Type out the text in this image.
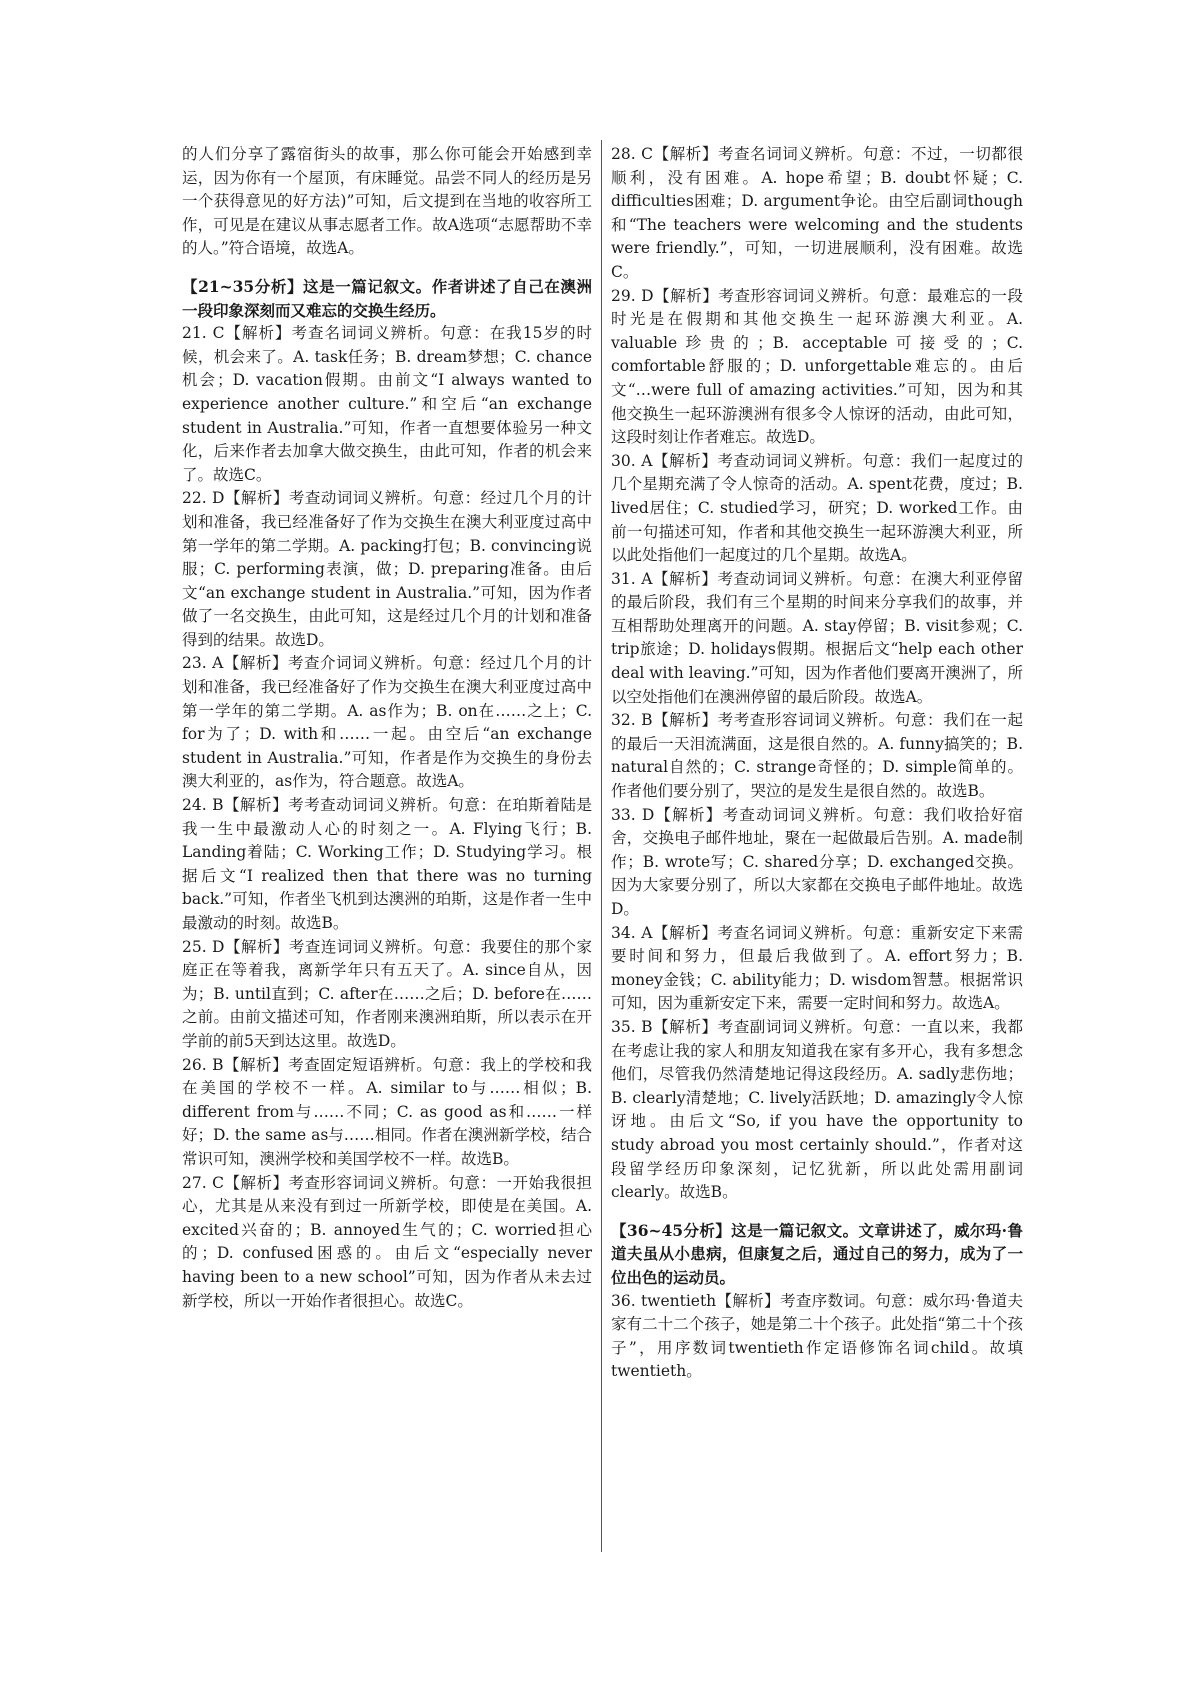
的人们分享了露宿街头的故事，那么你可能会开始感到幸运，因为你有一个屋顶，有床睡觉。品尝不同人的经历是另一个获得意见的好方法)”可知，后文提到在当地的收容所工作，可见是在建议从事志愿者工作。故A选项“志愿帮助不幸的人。”符合语境，故选A。

【21~35分析】这是一篇记叙文。作者讲述了自己在澳洲一段印象深刻而又难忘的交换生经历。

21. C【解析】考查名词词义辨析。句意：在我15岁的时候，机会来了。A. task任务；B. dream梦想；C. chance机会；D. vacation假期。由前文“I always wanted to experience another culture.”和空后“an exchange student in Australia.”可知，作者一直想要体验另一种文化，后来作者去加拿大做交换生，由此可知，作者的机会来了。故选C。

22. D【解析】考查动词词义辨析。句意：经过几个月的计划和准备，我已经准备好了作为交换生在澳大利亚度过高中第一学年的第二学期。A. packing打包；B. convincing说服；C. performing表演，做；D. preparing准备。由后文“an exchange student in Australia.”可知，因为作者做了一名交换生，由此可知，这是经过几个月的计划和准备得到的结果。故选D。

23. A【解析】考查介词词义辨析。句意：经过几个月的计划和准备，我已经准备好了作为交换生在澳大利亚度过高中第一学年的第二学期。A. as作为；B. on在……之上；C. for为了；D. with和……一起。由空后“an exchange student in Australia.”可知，作者是作为交换生的身份去澳大利亚的，as作为，符合题意。故选A。

24. B【解析】考考查动词词义辨析。句意：在珀斯着陆是我一生中最激动人心的时刻之一。A. Flying飞行；B. Landing着陆；C. Working工作；D. Studying学习。根据后文“I realized then that there was no turning back.”可知，作者坐飞机到达澳洲的珀斯，这是作者一生中最激动的时刻。故选B。

25. D【解析】考查连词词义辨析。句意：我要住的那个家庭正在等着我，离新学年只有五天了。A. since自从，因为；B. until直到；C. after在……之后；D. before在……之前。由前文描述可知，作者刚来澳洲珀斯，所以表示在开学前的前5天到达这里。故选D。

26. B【解析】考查固定短语辨析。句意：我上的学校和我在美国的学校不一样。A. similar to与……相似；B. different from与……不同；C. as good as和……一样好；D. the same as与……相同。作者在澳洲新学校，结合常识可知，澳洲学校和美国学校不一样。故选B。

27. C【解析】考查形容词词义辨析。句意：一开始我很担心，尤其是从来没有到过一所新学校，即使是在美国。A. excited兴奋的；B. annoyed生气的；C. worried担心的；D. confused困惑的。由后文“especially never having been to a new school”可知，因为作者从未去过新学校，所以一开始作者很担心。故选C。

28. C【解析】考查名词词义辨析。句意：不过，一切都很顺利，没有困难。A. hope希望；B. doubt怀疑；C. difficulties困难；D. argument争论。由空后副词though和“The teachers were welcoming and the students were friendly.”，可知，一切进展顺利，没有困难。故选C。

29. D【解析】考查形容词词义辨析。句意：最难忘的一段时光是在假期和其他交换生一起环游澳大利亚。A. valuable珍贵的；B. acceptable可接受的；C. comfortable舒服的；D. unforgettable难忘的。由后文“…were full of amazing activities.”可知，因为和其他交换生一起环游澳洲有很多令人惊讶的活动，由此可知，这段时刻让作者难忘。故选D。

30. A【解析】考查动词词义辨析。句意：我们一起度过的几个星期充满了令人惊奇的活动。A. spent花费，度过；B. lived居住；C. studied学习，研究；D. worked工作。由前一句描述可知，作者和其他交换生一起环游澳大利亚，所以此处指他们一起度过的几个星期。故选A。

31. A【解析】考查动词词义辨析。句意：在澳大利亚停留的最后阶段，我们有三个星期的时间来分享我们的故事，并互相帮助处理离开的问题。A. stay停留；B. visit参观；C. trip旅途；D. holidays假期。根据后文“help each other deal with leaving.”可知，因为作者他们要离开澳洲了，所以空处指他们在澳洲停留的最后阶段。故选A。

32. B【解析】考考查形容词词义辨析。句意：我们在一起的最后一天泪流满面，这是很自然的。A. funny搞笑的；B. natural自然的；C. strange奇怪的；D. simple简单的。作者他们要分别了，哭泣的是发生是很自然的。故选B。

33. D【解析】考查动词词义辨析。句意：我们收拾好宿舍，交换电子邮件地址，聚在一起做最后告别。A. made制作；B. wrote写；C. shared分享；D. exchanged交换。因为大家要分别了，所以大家都在交换电子邮件地址。故选D。

34. A【解析】考查名词词义辨析。句意：重新安定下来需要时间和努力，但最后我做到了。A. effort努力；B. money金钱；C. ability能力；D. wisdom智慧。根据常识可知，因为重新安定下来，需要一定时间和努力。故选A。

35. B【解析】考查副词词义辨析。句意：一直以来，我都在考虑让我的家人和朋友知道我在家有多开心，我有多想念他们，尽管我仍然清楚地记得这段经历。A. sadly悲伤地；B. clearly清楚地；C. lively活跃地；D. amazingly令人惊讶地。由后文“So, if you have the opportunity to study abroad you most certainly should.”，作者对这段留学经历印象深刻，记忆犹新，所以此处需用副词clearly。故选B。

【36~45分析】这是一篇记叙文。文章讲述了，威尔玛·鲁道夫虽从小患病，但康复之后，通过自己的努力，成为了一位出色的运动员。

36. twentieth【解析】考查序数词。句意：威尔玛·鲁道夫家有二十二个孩子，她是第二十个孩子。此处指“第二十个孩子”，用序数词twentieth作定语修饰名词child。故填twentieth。
